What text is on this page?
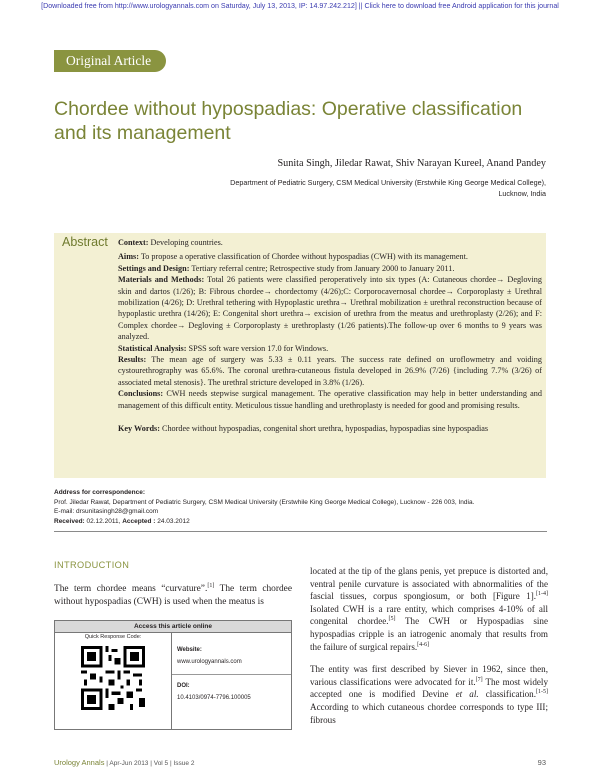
[Downloaded free from http://www.urologyannals.com on Saturday, July 13, 2013, IP: 14.97.242.212] || Click here to download free Android application for this journal
Original Article
Chordee without hypospadias: Operative classification and its management
Sunita Singh, Jiledar Rawat, Shiv Narayan Kureel, Anand Pandey
Department of Pediatric Surgery, CSM Medical University (Erstwhile King George Medical College),
Lucknow, India
Abstract Context: Developing countries.

Aims: To propose a operative classification of Chordee without hypospadias (CWH) with its management.

Settings and Design: Tertiary referral centre; Retrospective study from January 2000 to January 2011.

Materials and Methods: Total 26 patients were classified peroperatively into six types (A: Cutaneous chordee→ Degloving skin and dartos (1/26); B: Fibrous chordee→ chordectomy (4/26);C: Corporocavernosal chordee→ Corporoplasty ± Urethral mobilization (4/26); D: Urethral tethering with Hypoplastic urethra→ Urethral mobilization ± urethral reconstruction because of hypoplastic urethra (14/26); E: Congenital short urethra→ excision of urethra from the meatus and urethroplasty (2/26); and F: Complex chordee→ Degloving ± Corporoplasty ± urethroplasty (1/26 patients).The follow-up over 6 months to 9 years was analyzed.

Statistical Analysis: SPSS soft ware version 17.0 for Windows.

Results: The mean age of surgery was 5.33 ± 0.11 years. The success rate defined on uroflowmetry and voiding cystourethrography was 65.6%. The coronal urethra-cutaneous fistula developed in 26.9% (7/26) {including 7.7% (3/26) of associated metal stenosis}. The urethral stricture developed in 3.8% (1/26).

Conclusions: CWH needs stepwise surgical management. The operative classification may help in better understanding and management of this difficult entity. Meticulous tissue handling and urethroplasty is needed for good and promising results.

Key Words: Chordee without hypospadias, congenital short urethra, hypospadias, hypospadias sine hypospadias

Address for correspondence:
Prof. Jiledar Rawat, Department of Pediatric Surgery, CSM Medical University (Erstwhile King George Medical College), Lucknow - 226 003, India.
E-mail: drsunitasingh28@gmail.com
Received: 02.12.2011, Accepted : 24.03.2012
INTRODUCTION
The term chordee means “curvature”.[1] The term chordee without hypospadias (CWH) is used when the meatus is
Access this article online
Quick Response Code:
Website:
www.urologyannals.com
DOI:
10.4103/0974-7796.100005

located at the tip of the glans penis, yet prepuce is distorted and, ventral penile curvature is associated with abnormalities of the fascial tissues, corpus spongiosum, or both [Figure 1].[1-4] Isolated CWH is a rare entity, which comprises 4-10% of all congenital chordee.[5] The CWH or Hypospadias sine hypospadias cripple is an iatrogenic anomaly that results from the failure of surgical repairs.[4-6]

The entity was first described by Siever in 1962, since then, various classifications were advocated for it.[7] The most widely accepted one is modified Devine et al. classification.[1-5] According to which cutaneous chordee corresponds to type III; fibrous

Urology Annals | Apr-Jun 2013 | Vol 5 | Issue 2	93
